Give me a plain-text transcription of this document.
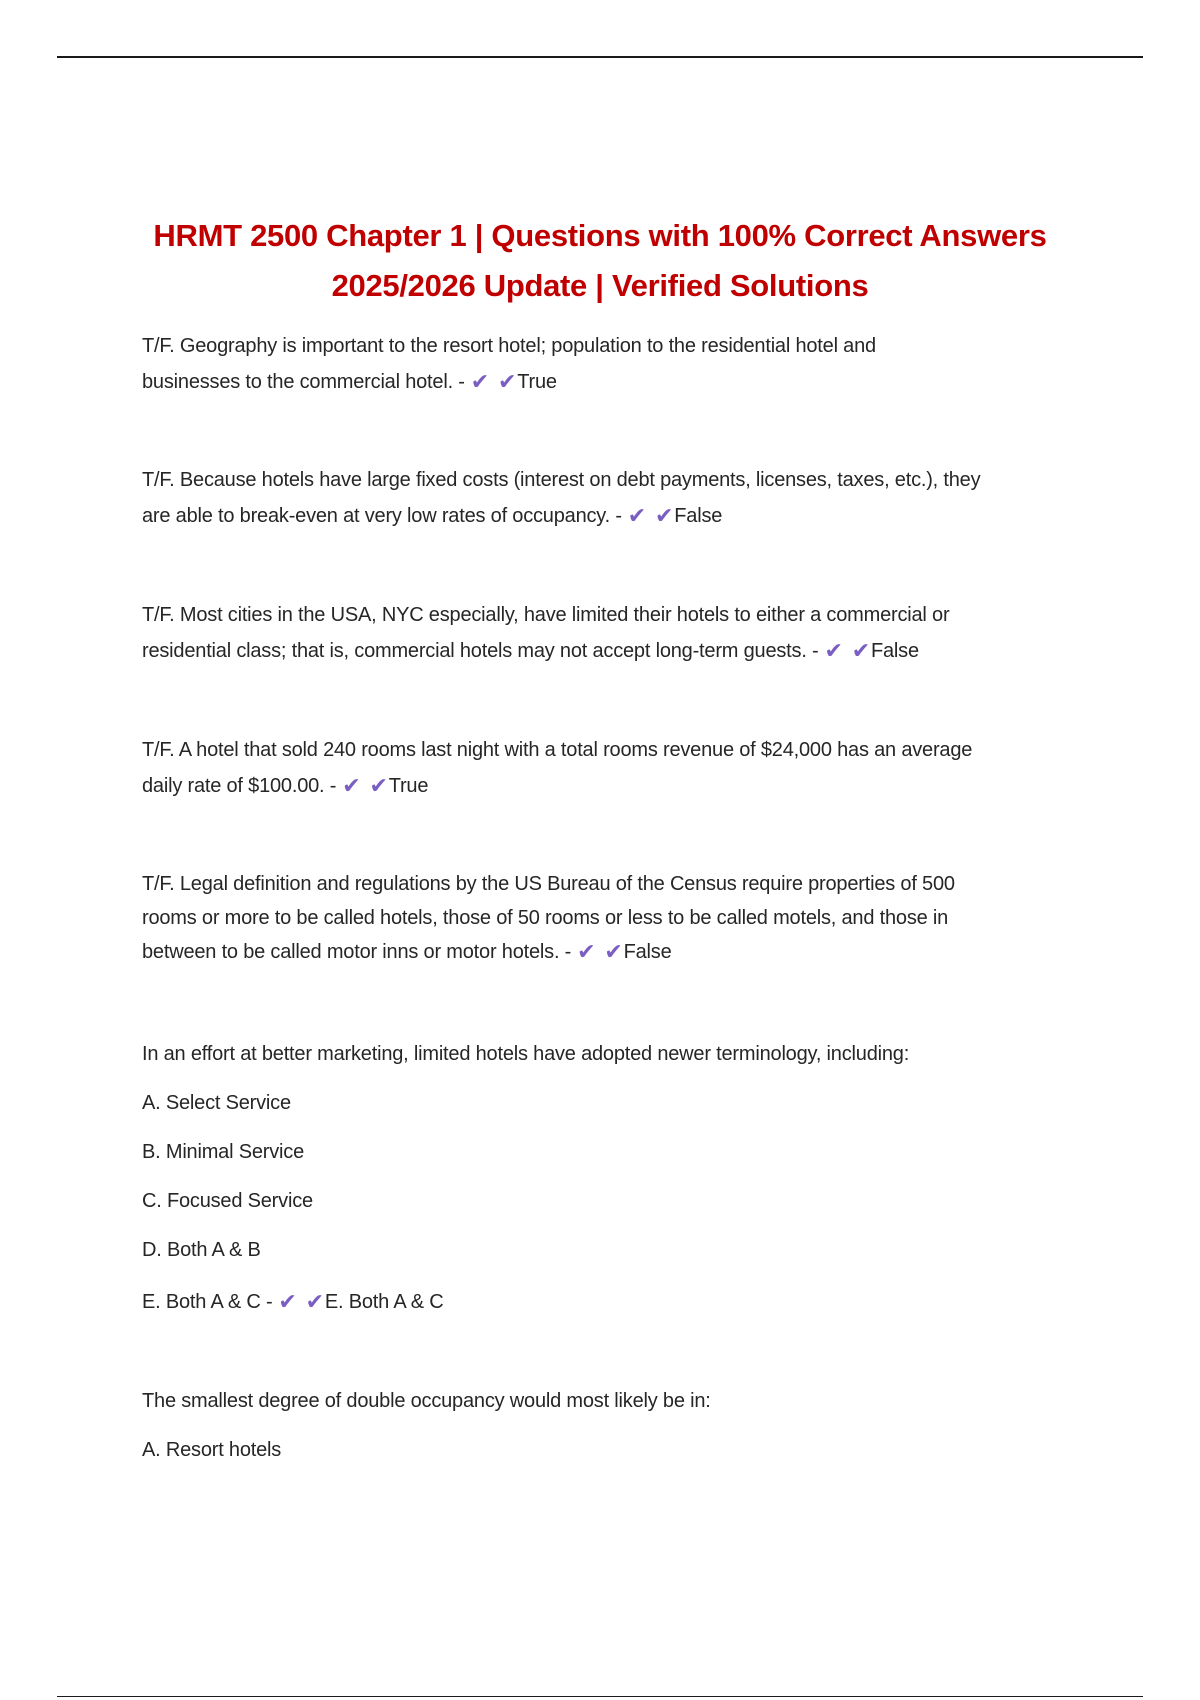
HRMT 2500 Chapter 1 | Questions with 100% Correct Answers
2025/2026 Update | Verified Solutions
T/F. Geography is important to the resort hotel; population to the residential hotel and
businesses to the commercial hotel. - ✔ ✔True
T/F. Because hotels have large fixed costs (interest on debt payments, licenses, taxes, etc.), they
are able to break-even at very low rates of occupancy. - ✔ ✔False
T/F. Most cities in the USA, NYC especially, have limited their hotels to either a commercial or
residential class; that is, commercial hotels may not accept long-term guests. - ✔ ✔False
T/F. A hotel that sold 240 rooms last night with a total rooms revenue of $24,000 has an average
daily rate of $100.00. - ✔ ✔True
T/F. Legal definition and regulations by the US Bureau of the Census require properties of 500
rooms or more to be called hotels, those of 50 rooms or less to be called motels, and those in
between to be called motor inns or motor hotels. - ✔ ✔False
In an effort at better marketing, limited hotels have adopted newer terminology, including:
A. Select Service
B. Minimal Service
C. Focused Service
D. Both A & B
E. Both A & C - ✔ ✔E. Both A & C
The smallest degree of double occupancy would most likely be in:
A. Resort hotels
